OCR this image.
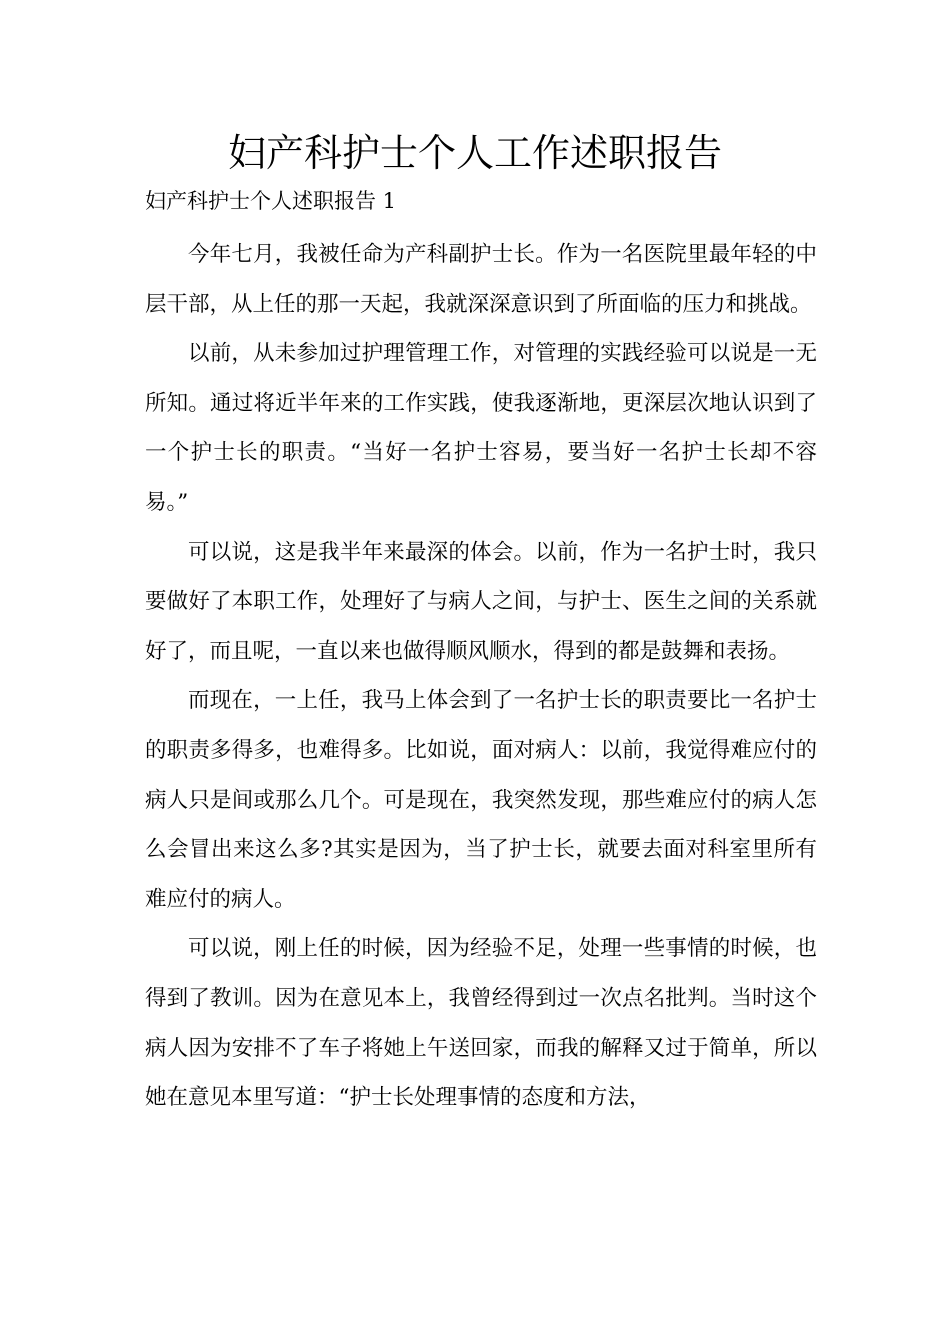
妇产科护士个人工作述职报告

妇产科护士个人述职报告 1

今年七月，我被任命为产科副护士长。作为一名医院里最年轻的中层干部，从上任的那一天起，我就深深意识到了所面临的压力和挑战。

以前，从未参加过护理管理工作，对管理的实践经验可以说是一无所知。通过将近半年来的工作实践，使我逐渐地，更深层次地认识到了一个护士长的职责。“当好一名护士容易，要当好一名护士长却不容易。”

可以说，这是我半年来最深的体会。以前，作为一名护士时，我只要做好了本职工作，处理好了与病人之间，与护士、医生之间的关系就好了，而且呢，一直以来也做得顺风顺水，得到的都是鼓舞和表扬。

而现在，一上任，我马上体会到了一名护士长的职责要比一名护士的职责多得多，也难得多。比如说，面对病人：以前，我觉得难应付的病人只是间或那么几个。可是现在，我突然发现，那些难应付的病人怎么会冒出来这么多?其实是因为，当了护士长，就要去面对科室里所有难应付的病人。

可以说，刚上任的时候，因为经验不足，处理一些事情的时候，也得到了教训。因为在意见本上，我曾经得到过一次点名批判。当时这个病人因为安排不了车子将她上午送回家，而我的解释又过于简单，所以她在意见本里写道：“护士长处理事情的态度和方法，
